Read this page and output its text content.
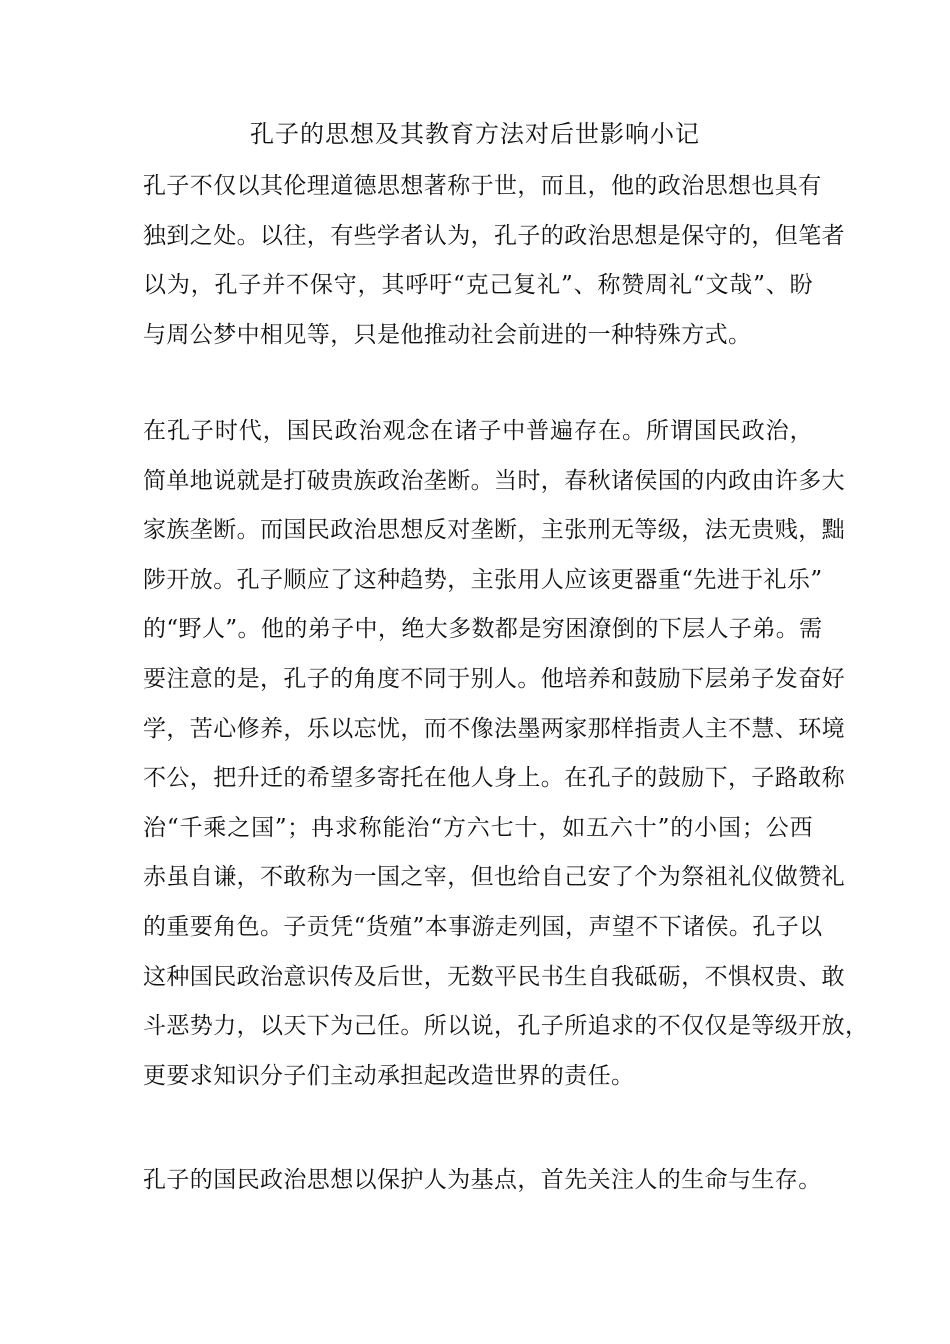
孔子的思想及其教育方法对后世影响小记
孔子不仅以其伦理道德思想著称于世，而且，他的政治思想也具有
独到之处。以往，有些学者认为，孔子的政治思想是保守的，但笔者
以为，孔子并不保守，其呼吁“克己复礼”、称赞周礼“文哉”、盼
与周公梦中相见等，只是他推动社会前进的一种特殊方式。
在孔子时代，国民政治观念在诸子中普遍存在。所谓国民政治，
简单地说就是打破贵族政治垄断。当时，春秋诸侯国的内政由许多大
家族垄断。而国民政治思想反对垄断，主张刑无等级，法无贵贱，黜
陟开放。孔子顺应了这种趋势，主张用人应该更器重“先进于礼乐”
的“野人”。他的弟子中，绝大多数都是穷困潦倒的下层人子弟。需
要注意的是，孔子的角度不同于别人。他培养和鼓励下层弟子发奋好
学，苦心修养，乐以忘忧，而不像法墨两家那样指责人主不慧、环境
不公，把升迁的希望多寄托在他人身上。在孔子的鼓励下，子路敢称
治“千乘之国”；冉求称能治“方六七十，如五六十”的小国；公西
赤虽自谦，不敢称为一国之宰，但也给自己安了个为祭祖礼仪做赞礼
的重要角色。子贡凭“货殖”本事游走列国，声望不下诸侯。孔子以
这种国民政治意识传及后世，无数平民书生自我砥砺，不惧权贵、敢
斗恶势力，以天下为己任。所以说，孔子所追求的不仅仅是等级开放，
更要求知识分子们主动承担起改造世界的责任。
孔子的国民政治思想以保护人为基点，首先关注人的生命与生存。
